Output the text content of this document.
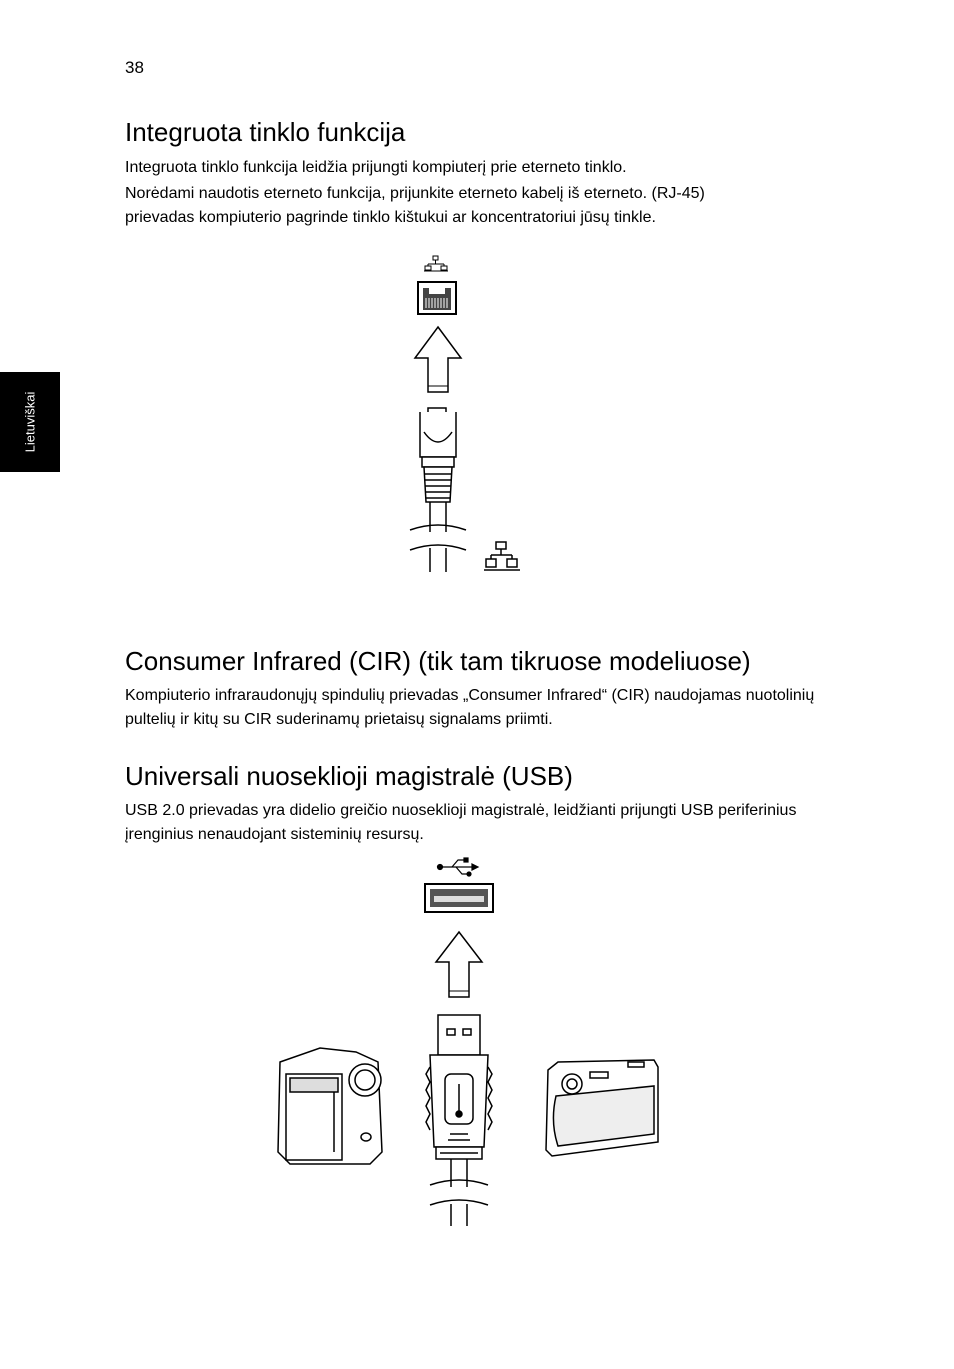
38
Lietuviškai
Integruota tinklo funkcija

Integruota tinklo funkcija leidžia prijungti kompiuterį prie eterneto tinklo.

Norėdami naudotis eterneto funkcija, prijunkite eterneto kabelį iš eterneto. (RJ-45) prievadas kompiuterio pagrinde tinklo kištukui ar koncentratoriui jūsų tinkle.

Consumer Infrared (CIR) (tik tam tikruose modeliuose)

Kompiuterio infraraudonųjų spindulių prievadas „Consumer Infrared“ (CIR) naudojamas nuotolinių pultelių ir kitų su CIR suderinamų prietaisų signalams priimti.

Universali nuoseklioji magistralė (USB)

USB 2.0 prievadas yra didelio greičio nuoseklioji magistralė, leidžianti prijungti USB periferinius įrenginius nenaudojant sisteminių resursų.
